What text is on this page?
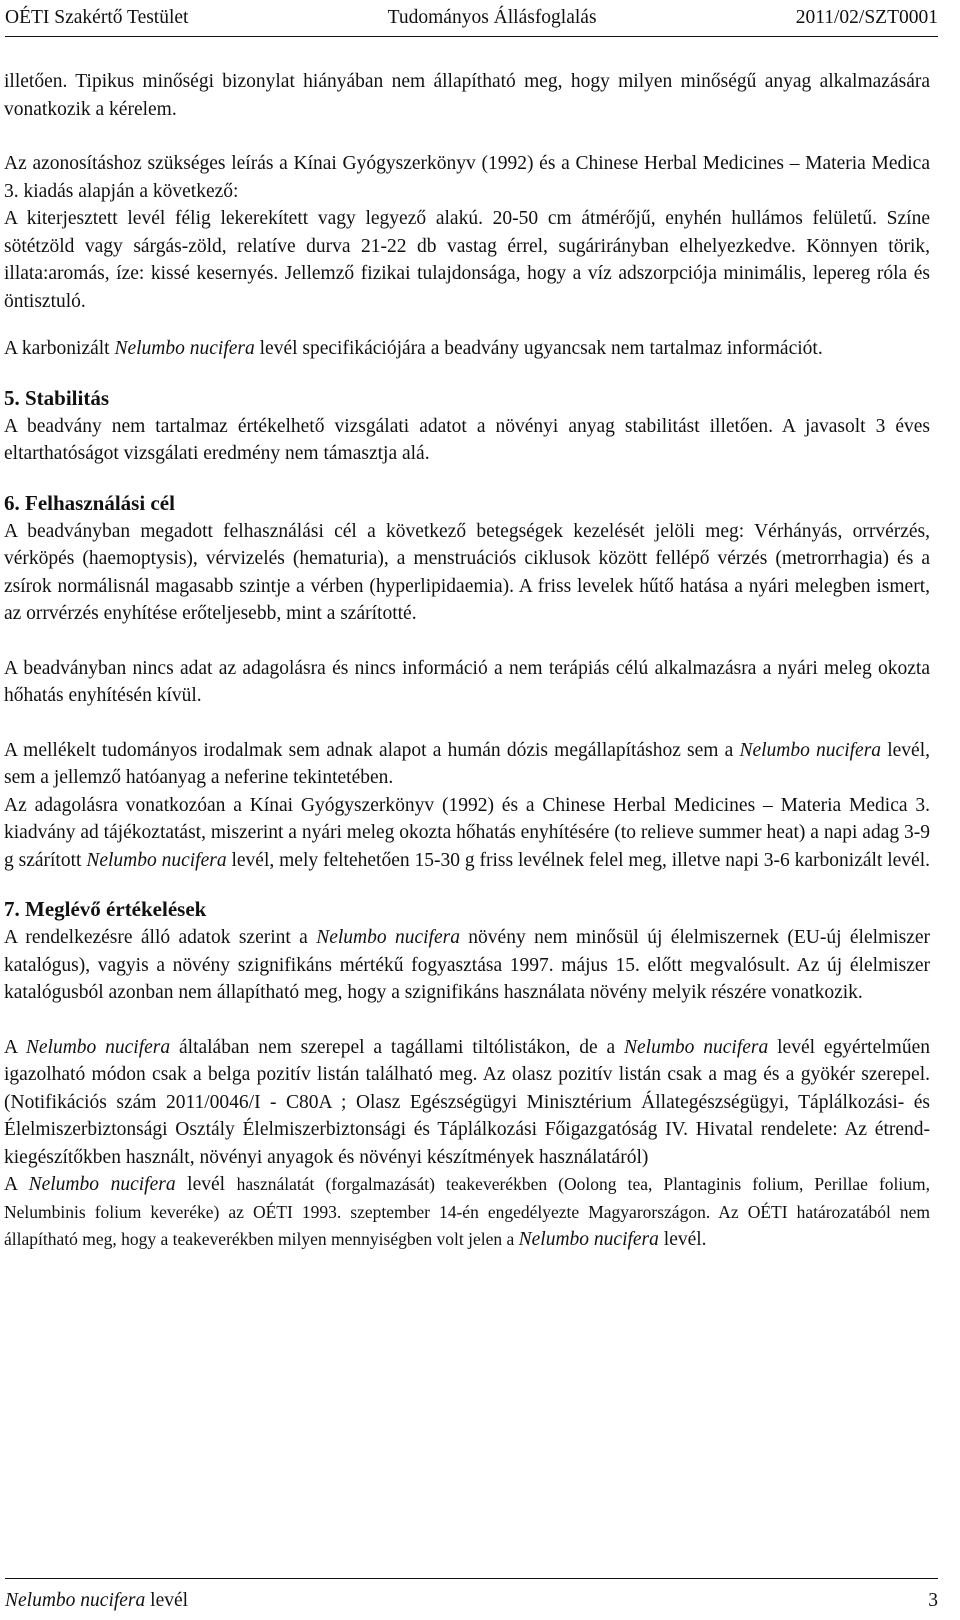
OÉTI Szakértő Testület	Tudományos Állásfoglalás	2011/02/SZT0001

illetően. Tipikus minőségi bizonylat hiányában nem állapítható meg, hogy milyen minőségű anyag alkalmazására vonatkozik a kérelem.

Az azonosításhoz szükséges leírás a Kínai Gyógyszerkönyv (1992) és a Chinese Herbal Medicines – Materia Medica 3. kiadás alapján a következő:

A kiterjesztett levél félig lekerekített vagy legyező alakú. 20-50 cm átmérőjű, enyhén hullámos felületű. Színe sötétzöld vagy sárgás-zöld, relatíve durva 21-22 db vastag érrel, sugárirányban elhelyezkedve. Könnyen törik, illata:aromás, íze: kissé kesernyés. Jellemző fizikai tulajdonsága, hogy a víz adszorpciója minimális, lepereg róla és öntisztuló.

A karbonizált Nelumbo nucifera levél specifikációjára a beadvány ugyancsak nem tartalmaz információt.

5. Stabilitás

A beadvány nem tartalmaz értékelhető vizsgálati adatot a növényi anyag stabilitást illetően. A javasolt 3 éves eltarthatóságot vizsgálati eredmény nem támasztja alá.

6. Felhasználási cél

A beadványban megadott felhasználási cél a következő betegségek kezelését jelöli meg: Vérhányás, orrvérzés, vérköpés (haemoptysis), vérvizelés (hematuria), a menstruációs ciklusok között fellépő vérzés (metrorrhagia) és a zsírok normálisnál magasabb szintje a vérben (hyperlipidaemia). A friss levelek hűtő hatása a nyári melegben ismert, az orrvérzés enyhítése erőteljesebb, mint a szárítotté.

A beadványban nincs adat az adagolásra és nincs információ a nem terápiás célú alkalmazásra a nyári meleg okozta hőhatás enyhítésén kívül.

A mellékelt tudományos irodalmak sem adnak alapot a humán dózis megállapításhoz sem a Nelumbo nucifera levél, sem a jellemző hatóanyag a neferine tekintetében.

Az adagolásra vonatkozóan a Kínai Gyógyszerkönyv (1992) és a Chinese Herbal Medicines – Materia Medica 3. kiadvány ad tájékoztatást, miszerint a nyári meleg okozta hőhatás enyhítésére (to relieve summer heat) a napi adag 3-9 g szárított Nelumbo nucifera levél, mely feltehetően 15-30 g friss levélnek felel meg, illetve napi 3-6 karbonizált levél.

7. Meglévő értékelések

A rendelkezésre álló adatok szerint a Nelumbo nucifera növény nem minősül új élelmiszernek (EU-új élelmiszer katalógus), vagyis a növény szignifikáns mértékű fogyasztása 1997. május 15. előtt megvalósult. Az új élelmiszer katalógusból azonban nem állapítható meg, hogy a szignifikáns használata növény melyik részére vonatkozik.

A Nelumbo nucifera általában nem szerepel a tagállami tiltólistákon, de a Nelumbo nucifera levél egyértelműen igazolható módon csak a belga pozitív listán található meg. Az olasz pozitív listán csak a mag és a gyökér szerepel. (Notifikációs szám 2011/0046/I - C80A ; Olasz Egészségügyi Minisztérium Állategészségügyi, Táplálkozási- és Élelmiszerbiztonsági Osztály Élelmiszerbiztonsági és Táplálkozási Főigazgatóság IV. Hivatal rendelete: Az étrend-kiegészítőkben használt, növényi anyagok és növényi készítmények használatáról)

A Nelumbo nucifera levél használatát (forgalmazását) teakeverékben (Oolong tea, Plantaginis folium, Perillae folium, Nelumbinis folium keveréke) az OÉTI 1993. szeptember 14-én engedélyezte Magyarországon. Az OÉTI határozatából nem állapítható meg, hogy a teakeverékben milyen mennyiségben volt jelen a Nelumbo nucifera levél.

Nelumbo nucifera levél	3
